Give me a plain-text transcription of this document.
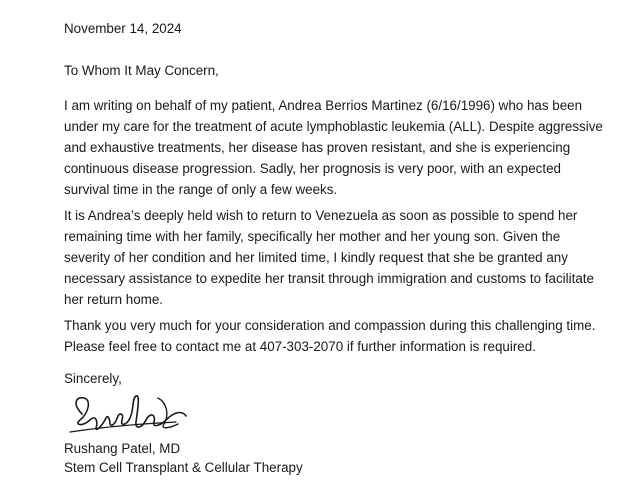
November 14, 2024
To Whom It May Concern,
I am writing on behalf of my patient, Andrea Berrios Martinez (6/16/1996) who has been
under my care for the treatment of acute lymphoblastic leukemia (ALL). Despite aggressive
and exhaustive treatments, her disease has proven resistant, and she is experiencing
continuous disease progression. Sadly, her prognosis is very poor, with an expected
survival time in the range of only a few weeks.
It is Andrea’s deeply held wish to return to Venezuela as soon as possible to spend her
remaining time with her family, specifically her mother and her young son. Given the
severity of her condition and her limited time, I kindly request that she be granted any
necessary assistance to expedite her transit through immigration and customs to facilitate
her return home.
Thank you very much for your consideration and compassion during this challenging time.
Please feel free to contact me at 407-303-2070 if further information is required.
Sincerely,
Rushang Patel, MD
Stem Cell Transplant & Cellular Therapy
